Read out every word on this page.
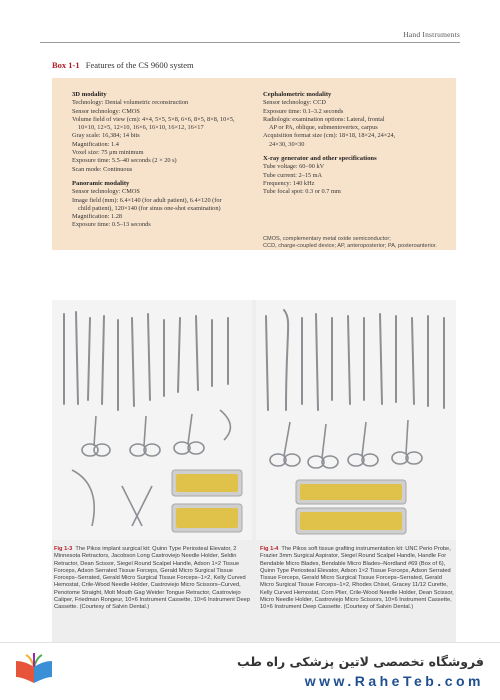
Hand Instruments
Box 1-1 Features of the CS 9600 system
3D modality
Technology: Dental volumetric reconstruction
Sensor technology: CMOS
Volume field of view (cm): 4×4, 5×5, 5×8, 6×6, 8×5, 8×8, 10×5,
10×10, 12×5, 12×10, 16×6, 16×10, 16×12, 16×17
Gray scale: 16,384; 14 bits
Magnification: 1.4
Voxel size: 75 μm minimum
Exposure time: 5.5–40 seconds (2 × 20 s)
Scan mode: Continuous
Panoramic modality
Sensor technology: CMOS
Image field (mm): 6.4×140 (for adult patient), 6.4×120 (for
child patient), 120×140 (for sinus one-shot examination)
Magnification: 1.28
Exposure time: 0.5–13 seconds
Cephalometric modality
Sensor technology: CCD
Exposure time: 0.1–3.2 seconds
Radiologic examination options: Lateral, frontal
AP or PA, oblique, submentovertex, carpus
Acquisition format size (cm): 18×18, 18×24, 24×24,
24×30, 30×30
X-ray generator and other specifications
Tube voltage: 60–90 kV
Tube current: 2–15 mA
Frequency: 140 kHz
Tube focal spot: 0.3 or 0.7 mm
CMOS, complementary metal oxide semiconductor;
CCD, charge-coupled device; AP, anteroposterior; PA, posteroanterior.
Fig 1-3 The Pikos implant surgical kit: Quinn Type Periosteal Elevator, 2 Minnesota Retractors, Jacobson Long Castroviejo Needle Holder, Seldin Retractor, Dean Scissor, Siegel Round Scalpel Handle, Adson 1×2 Tissue Forceps, Adson Serrated Tissue Forceps, Gerald Micro Surgical Tissue Forceps–Serrated, Gerald Micro Surgical Tissue Forceps–1×2, Kelly Curved Hemostat, Crile-Wood Needle Holder, Castroviejo Micro Scissors–Curved, Penotome Straight, Molt Mouth Gag Weider Tongue Retractor, Castroviejo Caliper, Friedman Rongeur, 10×6 Instrument Cassette, 10×6 Instrument Deep Cassette. (Courtesy of Salvin Dental.)
Fig 1-4 The Pikos soft tissue grafting instrumentation kit: UNC Perio Probe, Frazier 3mm Surgical Aspirator, Siegel Round Scalpel Handle, Handle For Bendable Micro Blades, Bendable Micro Blades–Nordland #69 (Box of 6), Quinn Type Periosteal Elevator, Adson 1×2 Tissue Forceps, Adson Serrated Tissue Forceps, Gerald Micro Surgical Tissue Forceps–Serrated, Gerald Micro Surgical Tissue Forceps–1×2, Rhodes Chisel, Gracey 11/12 Curette, Kelly Curved Hemostat, Corn Plier, Crile-Wood Needle Holder, Dean Scissor, Micro Needle Holder, Castroviejo Micro Scissors, 10×6 Instrument Cassette, 10×6 Instrument Deep Cassette. (Courtesy of Salvin Dental.)
فروشگاه تخصصی لاتین پزشکی راه طب
www.RaheTeb.com
